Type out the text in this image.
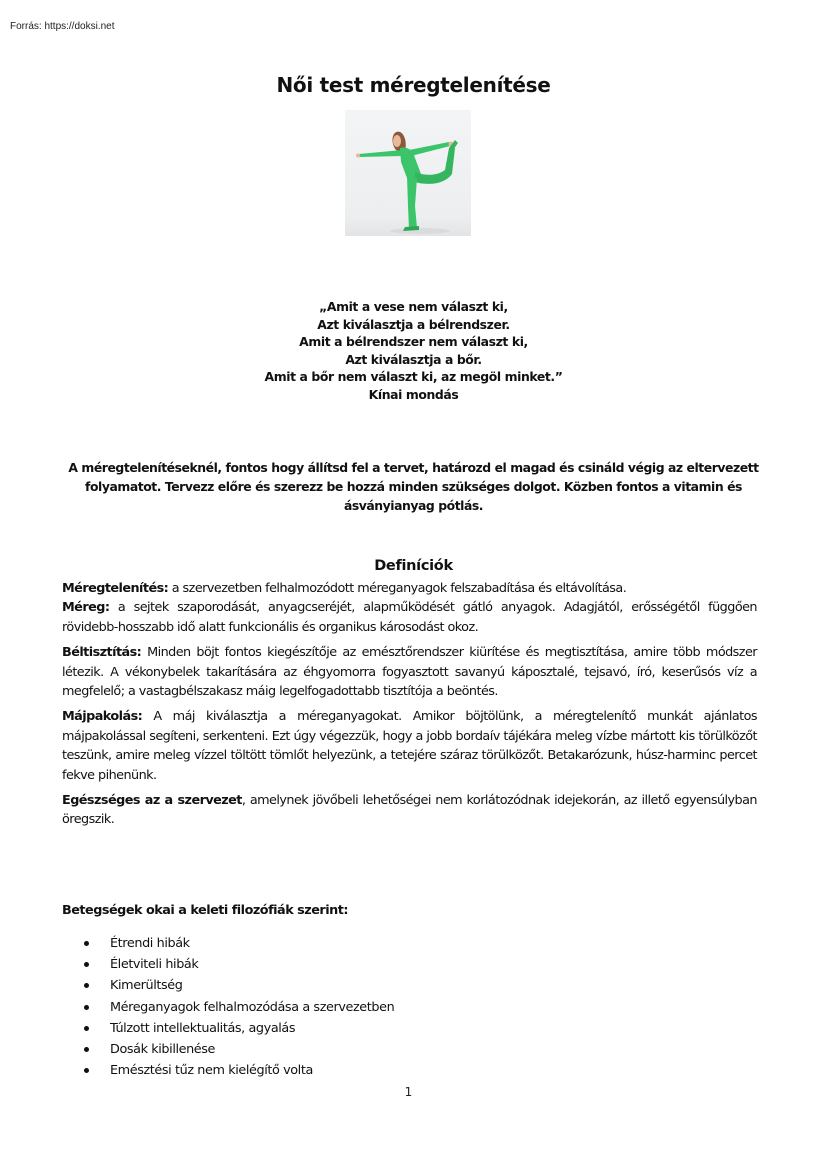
Forrás: https://doksi.net
Női test méregtelenítése
„Amit a vese nem választ ki,
Azt kiválasztja a bélrendszer.
Amit a bélrendszer nem választ ki,
Azt kiválasztja a bőr.
Amit a bőr nem választ ki, az megöl minket.”
Kínai mondás

A méregtelenítéseknél, fontos hogy állítsd fel a tervet, határozd el magad és csináld végig az eltervezett folyamatot. Tervezz előre és szerezz be hozzá minden szükséges dolgot. Közben fontos a vitamin és ásványianyag pótlás.

Definíciók

Méregtelenítés: a szervezetben felhalmozódott méreganyagok felszabadítása és eltávolítása.

Méreg: a sejtek szaporodását, anyagcseréjét, alapműködését gátló anyagok. Adagjától, erősségétől függően rövidebb-hosszabb idő alatt funkcionális és organikus károsodást okoz.

Béltisztítás: Minden böjt fontos kiegészítője az emésztőrendszer kiürítése és megtisztítása, amire több módszer létezik. A vékonybelek takarítására az éhgyomorra fogyasztott savanyú káposztalé, tejsavó, író, keserűsós víz a megfelelő; a vastagbélszakasz máig legelfogadottabb tisztítója a beöntés.

Májpakolás: A máj kiválasztja a méreganyagokat. Amikor böjtölünk, a méregtelenítő munkát ajánlatos májpakolással segíteni, serkenteni. Ezt úgy végezzük, hogy a jobb bordaív tájékára meleg vízbe mártott kis törülközőt teszünk, amire meleg vízzel töltött tömlőt helyezünk, a tetejére száraz törülközőt. Betakarózunk, húsz-harminc percet fekve pihenünk.

Egészséges az a szervezet, amelynek jövőbeli lehetőségei nem korlátozódnak idejekorán, az illető egyensúlyban öregszik.

Betegségek okai a keleti filozófiák szerint:
Étrendi hibák
Életviteli hibák
Kimerültség
Méreganyagok felhalmozódása a szervezetben
Túlzott intellektualitás, agyalás
Dosák kibillenése
Emésztési tűz nem kielégítő volta
1
